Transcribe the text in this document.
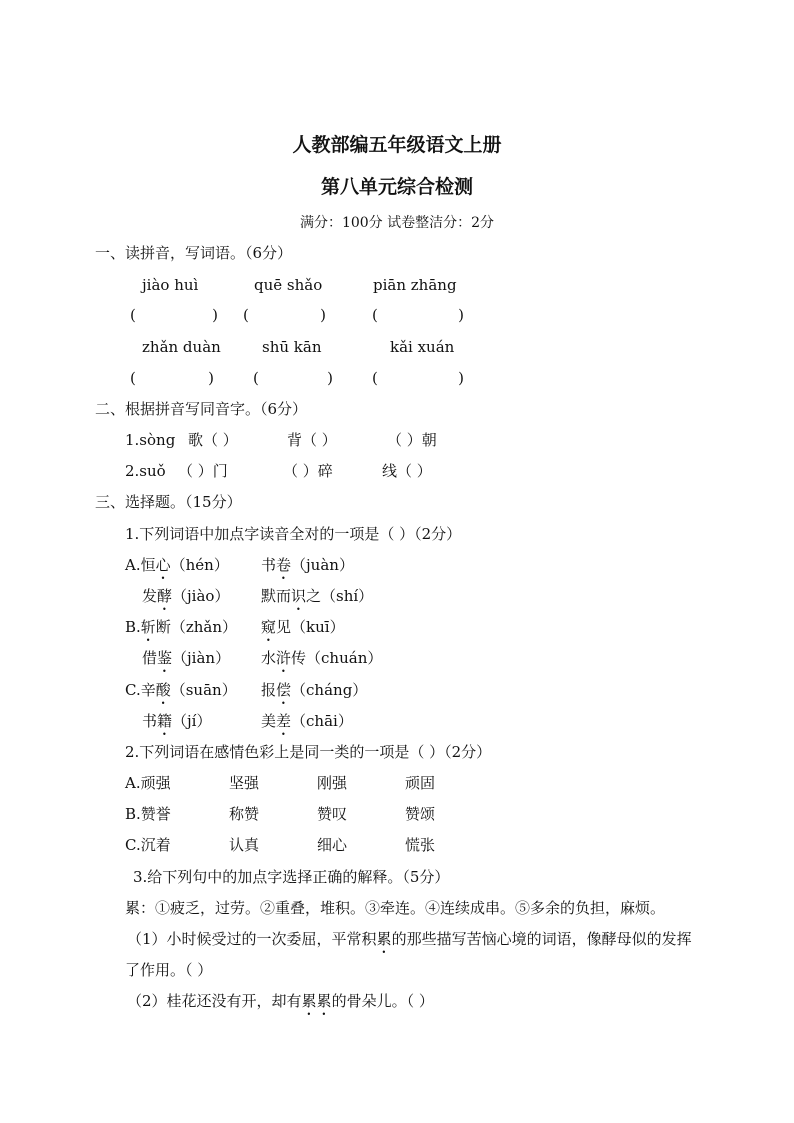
人教部编五年级语文上册
第八单元综合检测
满分：100分 试卷整洁分：2分
一、读拼音，写词语。（6分）
jiào huì	quē shǎo	piān zhāng
(	) (	)	(	)
zhǎn duàn	shū kān	kǎi xuán
(	)	(	)	(	)
二、根据拼音写同音字。（6分）
1.sòng 歌（ ）	背（ ）	（ ）朝
2.suǒ （ ）门	（ ）碎	线（ ）
三、选择题。（15分）
1.下列词语中加点字读音全对的一项是（ ）（2分）
A.恒心（hén） 书卷（juàn）
发酵（jiào） 默而识之（shí）
B.斩断（zhǎn） 窥见（kuī）
借鉴（jiàn） 水浒传（chuán）
C.辛酸（suān） 报偿（cháng）
书籍（jí）	美差（chāi）
2.下列词语在感情色彩上是同一类的一项是（ ）（2分）
A.顽强	坚强	刚强	顽固
B.赞誉	称赞	赞叹	赞颂
C.沉着	认真	细心	慌张
3.给下列句中的加点字选择正确的解释。（5分）
累：①疲乏，过劳。②重叠，堆积。③牵连。④连续成串。⑤多余的负担，麻烦。
（1）小时候受过的一次委屈，平常积累的那些描写苦恼心境的词语，像酵母似的发挥
了作用。（ ）
（2）桂花还没有开，却有累累的骨朵儿。（ ）
